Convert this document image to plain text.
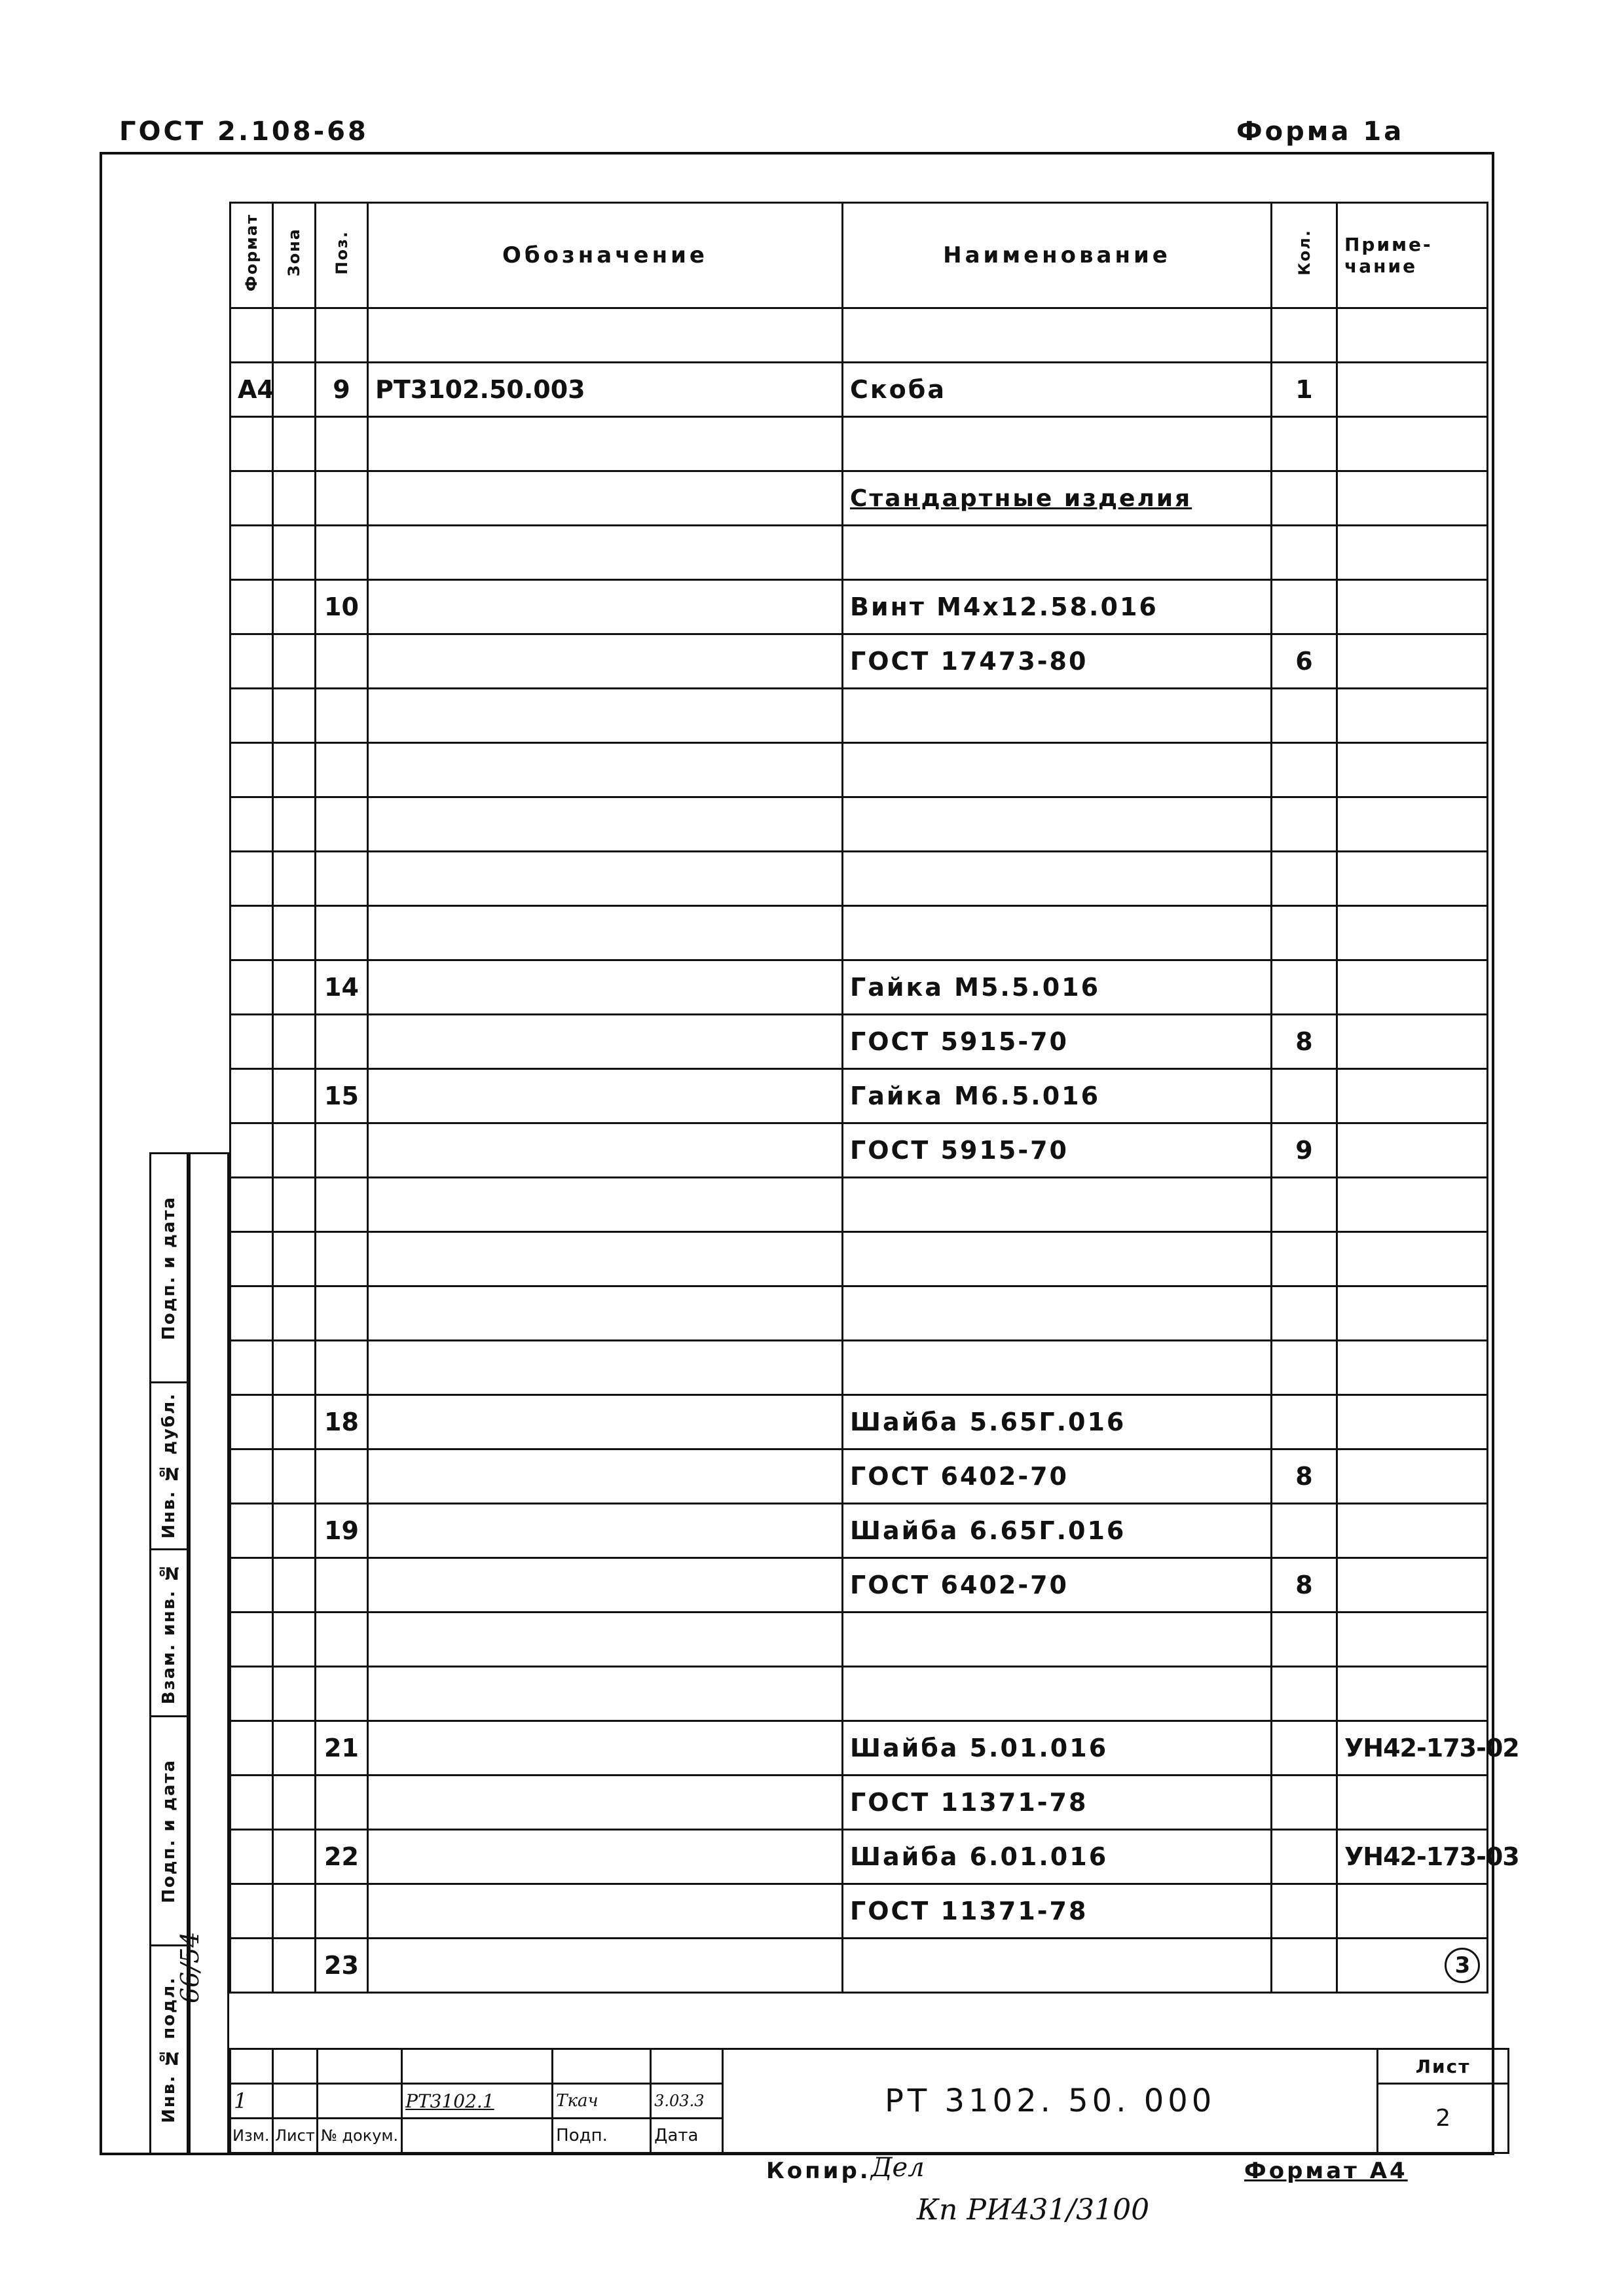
ГОСТ 2.108-68	Форма 1а
Формат	Зона	Поз.	Обозначение	Наименование	Кол.	Приме-чание

А4		9	РТ3102.50.003	Скоба	1	

				Стандартные изделия		

		10		Винт М4х12.58.016		
				ГОСТ 17473-80	6	

		14		Гайка М5.5.016		
				ГОСТ 5915-70	8	
		15		Гайка М6.5.016		
				ГОСТ 5915-70	9	

		18		Шайба 5.65Г.016		
				ГОСТ 6402-70	8	
		19		Шайба 6.65Г.016		
				ГОСТ 6402-70	8	

		21		Шайба 5.01.016		УН42-173-02
				ГОСТ 11371-78		
		22		Шайба 6.01.016		УН42-173-03
				ГОСТ 11371-78		
		23				3
Подп. и дата
Инв. № дубл.
Взам. инв. №
Подп. и дата
Инв. № подл.
66/54
						РТ 3102. 50. 000	Лист
1			РТ3102.1	Ткач	3.03.3		2
Изм.	Лист	№ докум.		Подп.	Дата		
Копир. Дел	Формат А4
Кп РИ431/3100
